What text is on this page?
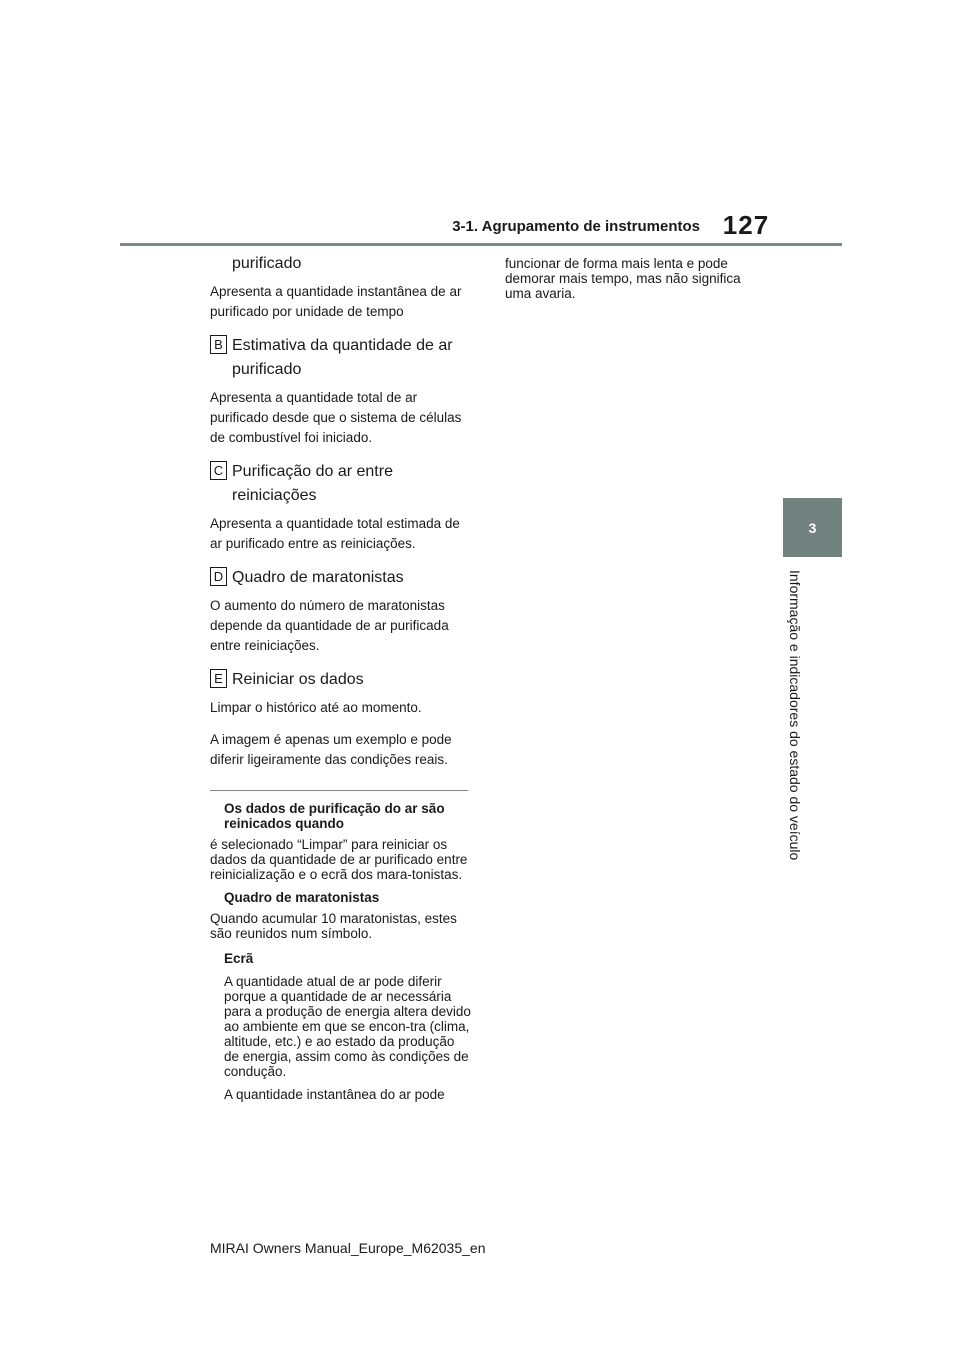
3-1. Agrupamento de instrumentos 127
3
Informação e indicadores do estado do veículo

purificado

Apresenta a quantidade instantânea de ar purificado por unidade de tempo

B Estimativa da quantidade de ar
purificado

Apresenta a quantidade total de ar purificado desde que o sistema de células de combustível foi iniciado.

C Purificação do ar entre
reiniciações

Apresenta a quantidade total estimada de ar purificado entre as reiniciações.

D Quadro de maratonistas

O aumento do número de maratonistas depende da quantidade de ar purificada entre reiniciações.

E Reiniciar os dados

Limpar o histórico até ao momento.

A imagem é apenas um exemplo e pode diferir ligeiramente das condições reais.

Os dados de purificação do ar são reinicados quando

é selecionado “Limpar” para reiniciar os dados da quantidade de ar purificado entre reinicialização e o ecrã dos mara-tonistas.

Quadro de maratonistas

Quando acumular 10 maratonistas, estes são reunidos num símbolo.

Ecrã

A quantidade atual de ar pode diferir porque a quantidade de ar necessária para a produção de energia altera devido ao ambiente em que se encon-tra (clima, altitude, etc.) e ao estado da produção de energia, assim como às condições de condução.

A quantidade instantânea do ar pode

funcionar de forma mais lenta e pode demorar mais tempo, mas não significa uma avaria.

MIRAI Owners Manual_Europe_M62035_en
